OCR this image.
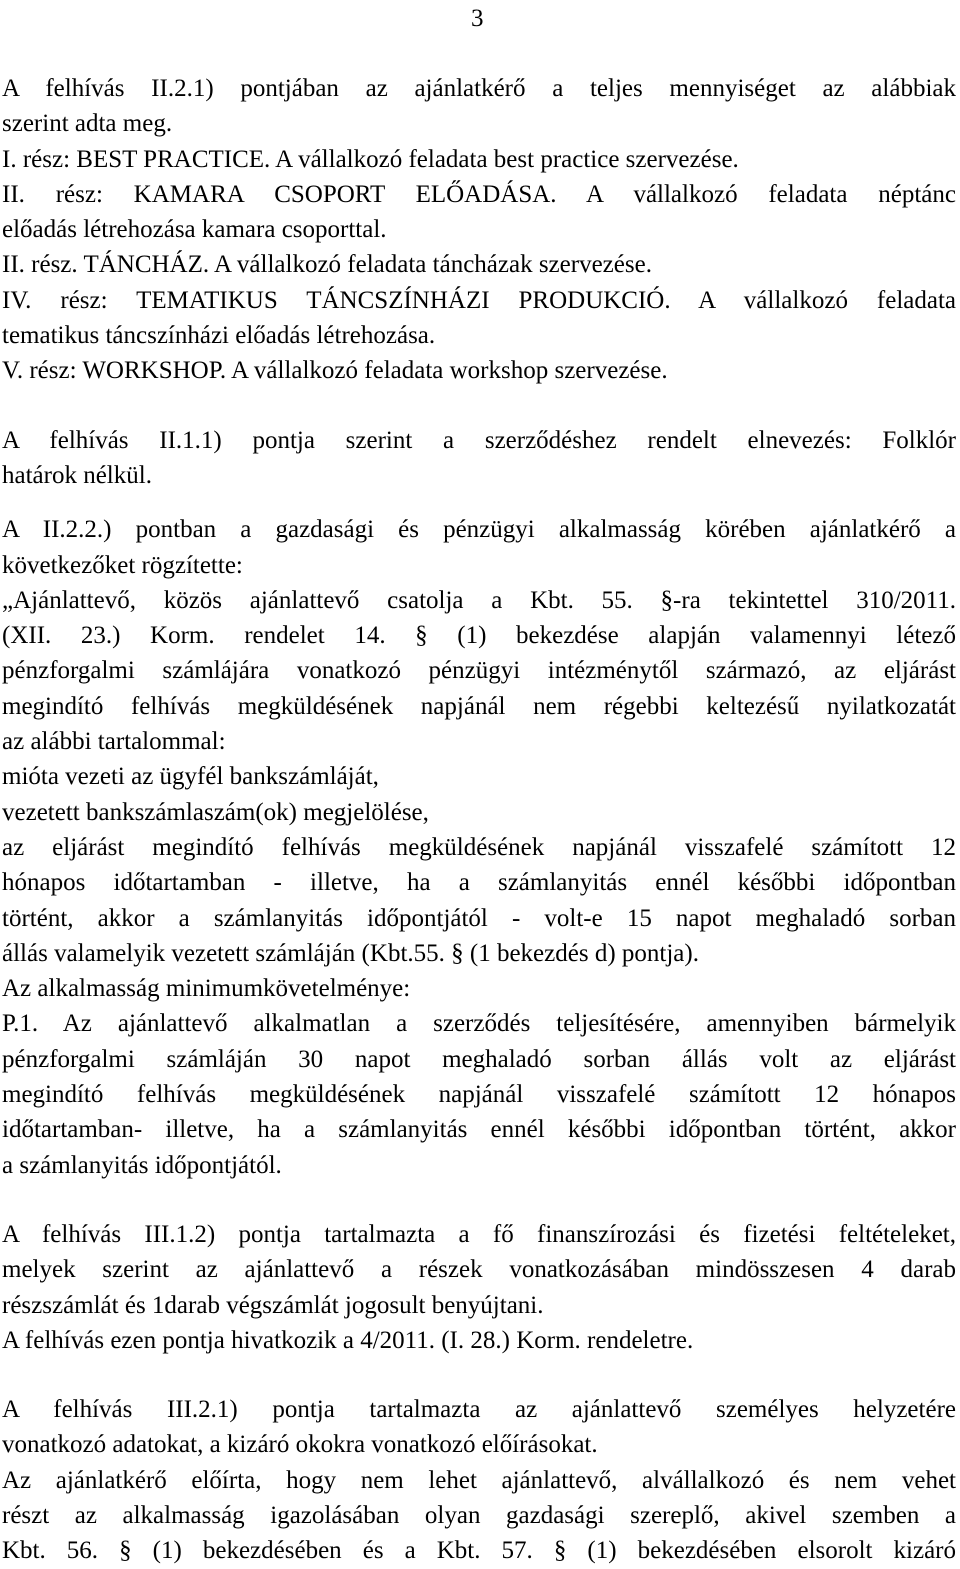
3
A felhívás II.2.1) pontjában az ajánlatkérő a teljes mennyiséget az alábbiak
szerint adta meg.
I. rész: BEST PRACTICE. A vállalkozó feladata best practice szervezése.
II. rész: KAMARA CSOPORT ELŐADÁSA. A vállalkozó feladata néptánc
előadás létrehozása kamara csoporttal.
II. rész. TÁNCHÁZ. A vállalkozó feladata táncházak szervezése.
IV. rész: TEMATIKUS TÁNCSZÍNHÁZI PRODUKCIÓ. A vállalkozó feladata
tematikus táncszínházi előadás létrehozása.
V. rész: WORKSHOP. A vállalkozó feladata workshop szervezése.
A felhívás II.1.1) pontja szerint a szerződéshez rendelt elnevezés: Folklór
határok nélkül.
A II.2.2.) pontban a gazdasági és pénzügyi alkalmasság körében ajánlatkérő a
következőket rögzítette:
„Ajánlattevő, közös ajánlattevő csatolja a Kbt. 55. §-ra tekintettel 310/2011.
(XII. 23.) Korm. rendelet 14. § (1) bekezdése alapján valamennyi létező
pénzforgalmi számlájára vonatkozó pénzügyi intézménytől származó, az eljárást
megindító felhívás megküldésének napjánál nem régebbi keltezésű nyilatkozatát
az alábbi tartalommal:
mióta vezeti az ügyfél bankszámláját,
vezetett bankszámlaszám(ok) megjelölése,
az eljárást megindító felhívás megküldésének napjánál visszafelé számított 12
hónapos időtartamban - illetve, ha a számlanyitás ennél későbbi időpontban
történt, akkor a számlanyitás időpontjától - volt-e 15 napot meghaladó sorban
állás valamelyik vezetett számláján (Kbt.55. § (1 bekezdés d) pontja).
Az alkalmasság minimumkövetelménye:
P.1. Az ajánlattevő alkalmatlan a szerződés teljesítésére, amennyiben bármelyik
pénzforgalmi számláján 30 napot meghaladó sorban állás volt az eljárást
megindító felhívás megküldésének napjánál visszafelé számított 12 hónapos
időtartamban- illetve, ha a számlanyitás ennél későbbi időpontban történt, akkor
a számlanyitás időpontjától.
A felhívás III.1.2) pontja tartalmazta a fő finanszírozási és fizetési feltételeket,
melyek szerint az ajánlattevő a részek vonatkozásában mindösszesen 4 darab
részszámlát és 1darab végszámlát jogosult benyújtani.
A felhívás ezen pontja hivatkozik a 4/2011. (I. 28.) Korm. rendeletre.
A felhívás III.2.1) pontja tartalmazta az ajánlattevő személyes helyzetére
vonatkozó adatokat, a kizáró okokra vonatkozó előírásokat.
Az ajánlatkérő előírta, hogy nem lehet ajánlattevő, alvállalkozó és nem vehet
részt az alkalmasság igazolásában olyan gazdasági szereplő, akivel szemben a
Kbt. 56. § (1) bekezdésében és a Kbt. 57. § (1) bekezdésében elsorolt kizáró
